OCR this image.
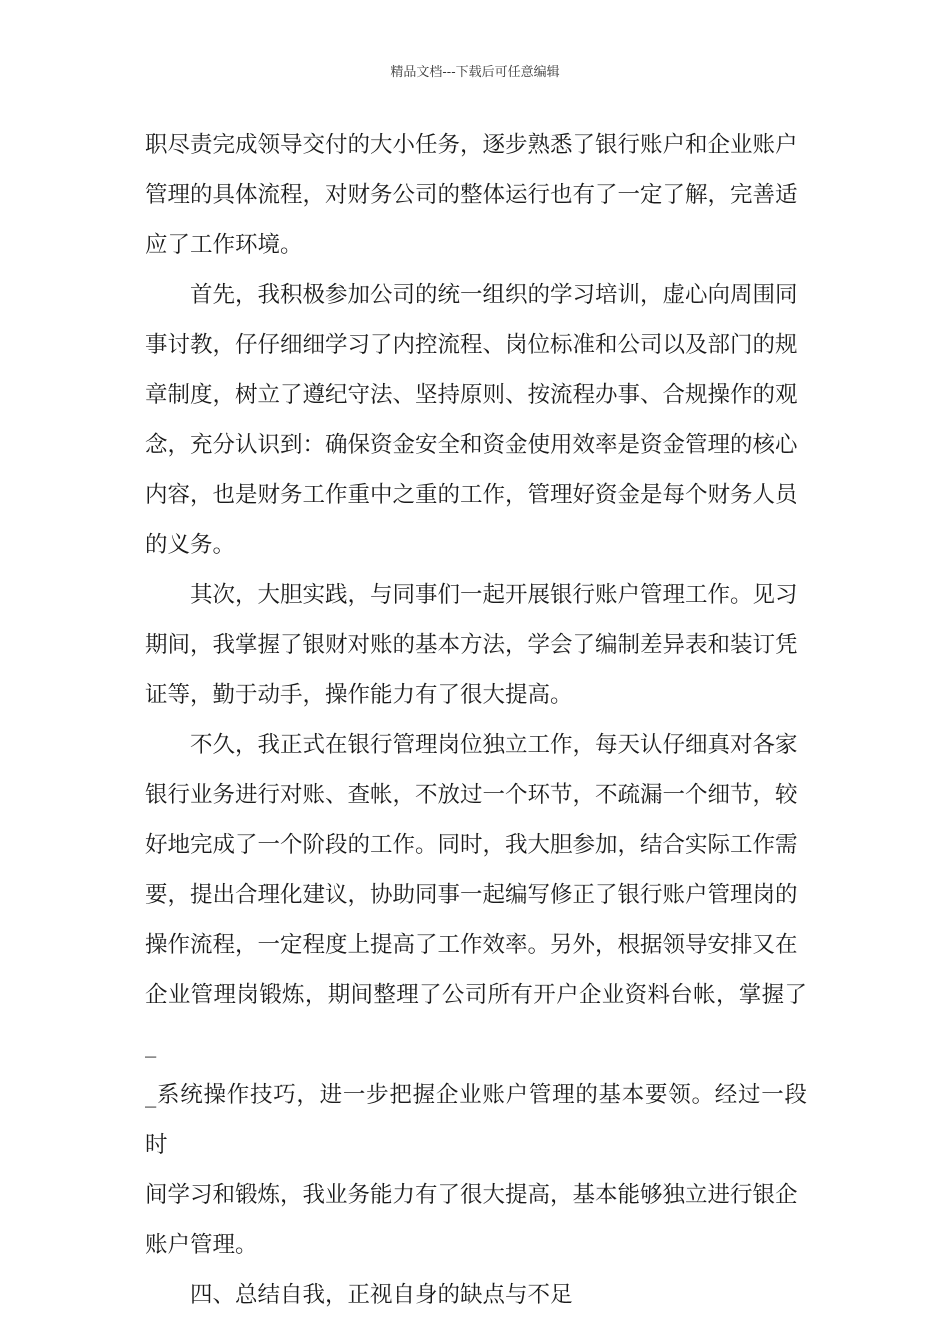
精品文档---下载后可任意编辑

职尽责完成领导交付的大小任务，逐步熟悉了银行账户和企业账户
管理的具体流程，对财务公司的整体运行也有了一定了解，完善适
应了工作环境。

首先，我积极参加公司的统一组织的学习培训，虚心向周围同
事讨教，仔仔细细学习了内控流程、岗位标准和公司以及部门的规
章制度，树立了遵纪守法、坚持原则、按流程办事、合规操作的观
念，充分认识到：确保资金安全和资金使用效率是资金管理的核心
内容，也是财务工作重中之重的工作，管理好资金是每个财务人员
的义务。

其次，大胆实践，与同事们一起开展银行账户管理工作。见习
期间，我掌握了银财对账的基本方法，学会了编制差异表和装订凭
证等，勤于动手，操作能力有了很大提高。

不久，我正式在银行管理岗位独立工作，每天认仔细真对各家
银行业务进行对账、查帐，不放过一个环节，不疏漏一个细节，较
好地完成了一个阶段的工作。同时，我大胆参加，结合实际工作需
要，提出合理化建议，协助同事一起编写修正了银行账户管理岗的
操作流程，一定程度上提高了工作效率。另外，根据领导安排又在
企业管理岗锻炼，期间整理了公司所有开户企业资料台帐，掌握了_
_系统操作技巧，进一步把握企业账户管理的基本要领。经过一段时
间学习和锻炼，我业务能力有了很大提高，基本能够独立进行银企
账户管理。

四、总结自我，正视自身的缺点与不足
